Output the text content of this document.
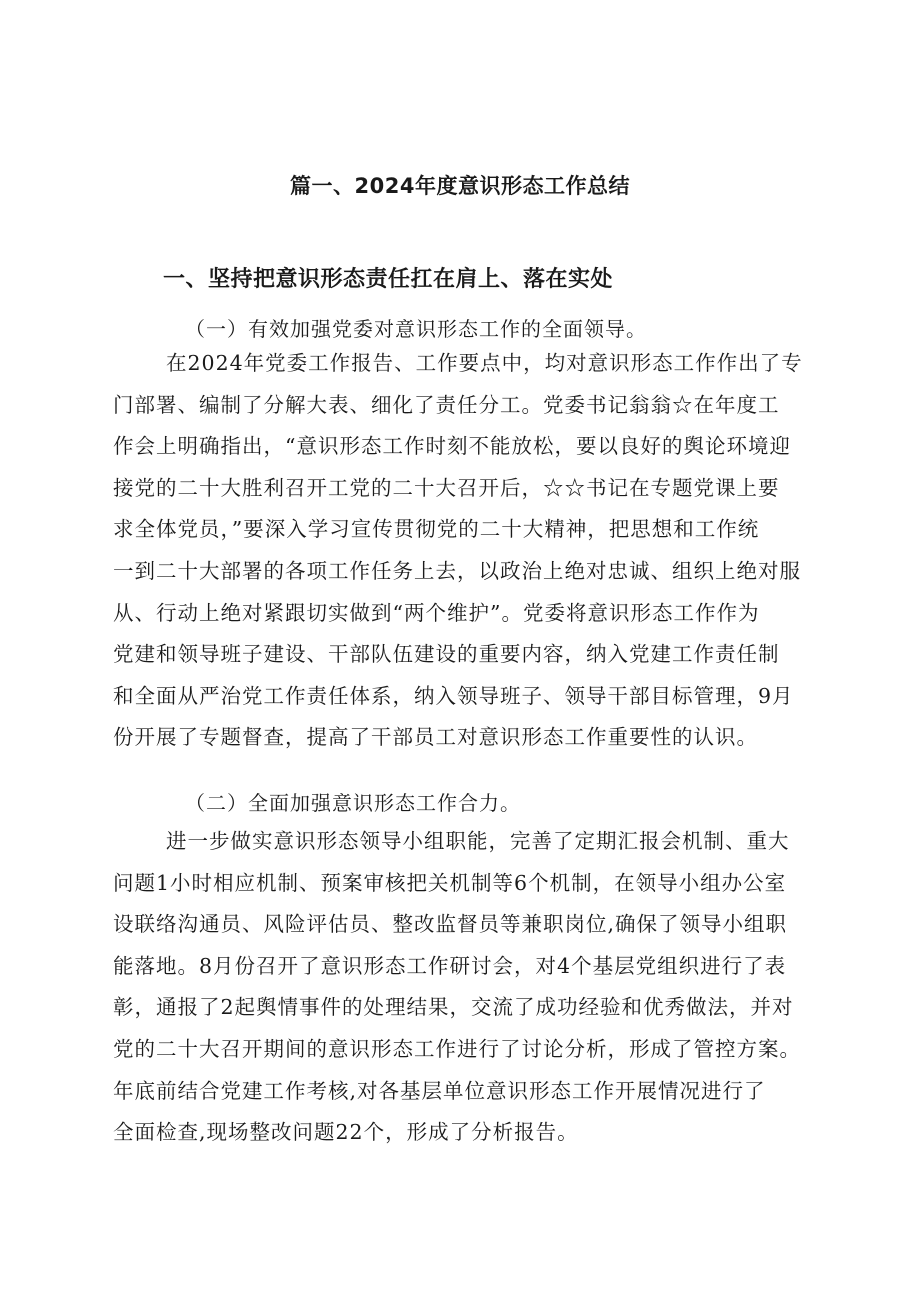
篇一、2024年度意识形态工作总结
一、坚持把意识形态责任扛在肩上、落在实处
（一）有效加强党委对意识形态工作的全面领导。
在2024年党委工作报告、工作要点中，均对意识形态工作作出了专
门部署、编制了分解大表、细化了责任分工。党委书记翁翁☆在年度工
作会上明确指出，“意识形态工作时刻不能放松，要以良好的舆论环境迎
接党的二十大胜利召开工党的二十大召开后，☆☆书记在专题党课上要
求全体党员，”要深入学习宣传贯彻党的二十大精神，把思想和工作统
一到二十大部署的各项工作任务上去，以政治上绝对忠诚、组织上绝对服
从、行动上绝对紧跟切实做到“两个维护”。党委将意识形态工作作为
党建和领导班子建设、干部队伍建设的重要内容，纳入党建工作责任制
和全面从严治党工作责任体系，纳入领导班子、领导干部目标管理，9月
份开展了专题督查，提高了干部员工对意识形态工作重要性的认识。
（二）全面加强意识形态工作合力。
进一步做实意识形态领导小组职能，完善了定期汇报会机制、重大
问题1小时相应机制、预案审核把关机制等6个机制，在领导小组办公室
设联络沟通员、风险评估员、整改监督员等兼职岗位,确保了领导小组职
能落地。8月份召开了意识形态工作研讨会，对4个基层党组织进行了表
彰，通报了2起舆情事件的处理结果，交流了成功经验和优秀做法，并对
党的二十大召开期间的意识形态工作进行了讨论分析，形成了管控方案。
年底前结合党建工作考核,对各基层单位意识形态工作开展情况进行了
全面检查,现场整改问题22个，形成了分析报告。
